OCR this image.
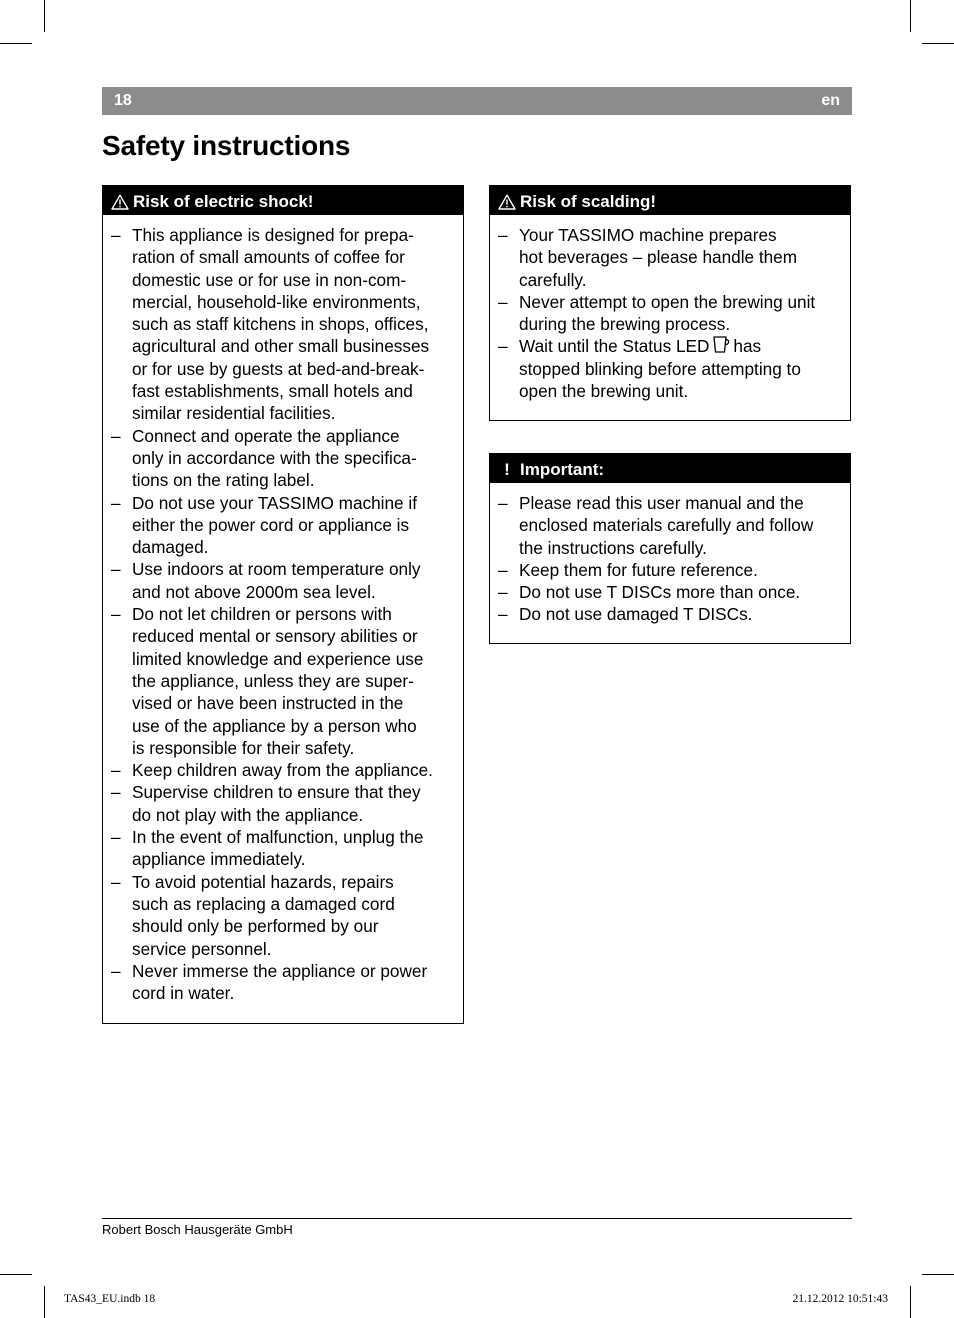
18	en
Safety instructions
Risk of electric shock!
– This appliance is designed for prepa-
ration of small amounts of coffee for
domestic use or for use in non-com-
mercial, household-like environments,
such as staff kitchens in shops, offices,
agricultural and other small businesses
or for use by guests at bed-and-break-
fast establishments, small hotels and
similar residential facilities.
– Connect and operate the appliance
only in accordance with the specifica-
tions on the rating label.
– Do not use your TASSIMO machine if
either the power cord or appliance is
damaged.
– Use indoors at room temperature only
and not above 2000m sea level.
– Do not let children or persons with
reduced mental or sensory abilities or
limited knowledge and experience use
the appliance, unless they are super-
vised or have been instructed in the
use of the appliance by a person who
is responsible for their safety.
– Keep children away from the appliance.
– Supervise children to ensure that they
do not play with the appliance.
– In the event of malfunction, unplug the
appliance immediately.
– To avoid potential hazards, repairs
such as replacing a damaged cord
should only be performed by our
service personnel.
– Never immerse the appliance or power
cord in water.
Risk of scalding!
– Your TASSIMO machine prepares
hot beverages – please handle them
carefully.
– Never attempt to open the brewing unit
during the brewing process.
– Wait until the Status LED has
stopped blinking before attempting to
open the brewing unit.
! Important:
– Please read this user manual and the
enclosed materials carefully and follow
the instructions carefully.
– Keep them for future reference.
– Do not use T DISCs more than once.
– Do not use damaged T DISCs.
Robert Bosch Hausgeräte GmbH
TAS43_EU.indb 18	21.12.2012 10:51:43
